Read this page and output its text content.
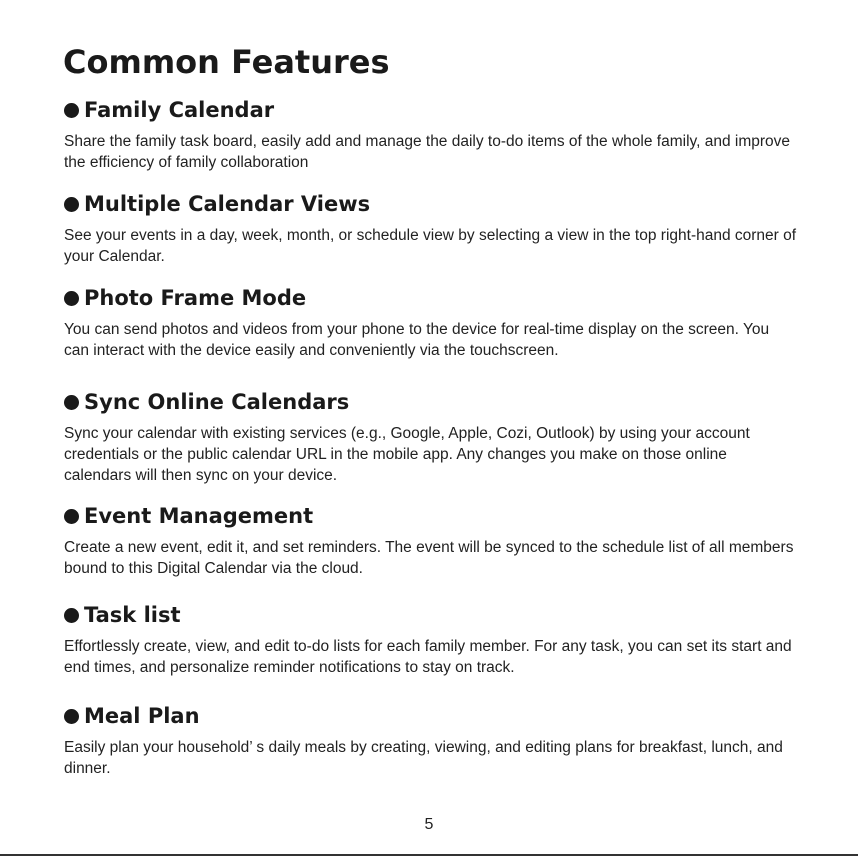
Common Features
Family Calendar

Share the family task board, easily add and manage the daily to-do items of the whole family, and improve the efficiency of family collaboration

Multiple Calendar Views

See your events in a day, week, month, or schedule view by selecting a view in the top right-hand corner of your Calendar.

Photo Frame Mode

You can send photos and videos from your phone to the device for real-time display on the screen. You can interact with the device easily and conveniently via the touchscreen.

Sync Online Calendars

Sync your calendar with existing services (e.g., Google, Apple, Cozi, Outlook) by using your account credentials or the public calendar URL in the mobile app. Any changes you make on those online calendars will then sync on your device.

Event Management

Create a new event, edit it, and set reminders. The event will be synced to the schedule list of all members bound to this Digital Calendar via the cloud.

Task list

Effortlessly create, view, and edit to-do lists for each family member. For any task, you can set its start and end times, and personalize reminder notifications to stay on track.

Meal Plan

Easily plan your household’ s daily meals by creating, viewing, and editing plans for breakfast, lunch, and dinner.

5
